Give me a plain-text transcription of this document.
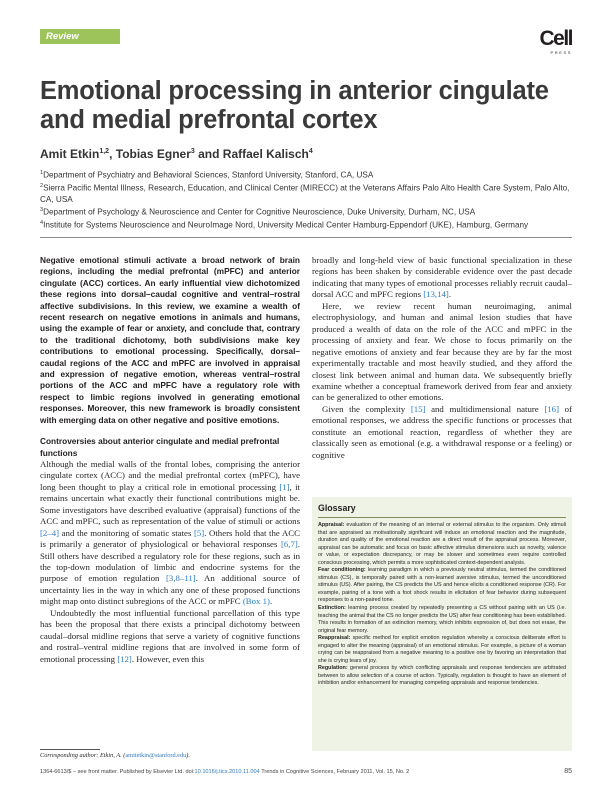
Review	Cell
PRESS
Emotional processing in anterior cingulate and medial prefrontal cortex
Amit Etkin$^{1,2}$, Tobias Egner$^3$ and Raffael Kalisch$^4$
$^1$Department of Psychiatry and Behavioral Sciences, Stanford University, Stanford, CA, USA
$^2$Sierra Pacific Mental Illness, Research, Education, and Clinical Center (MIRECC) at the Veterans Affairs Palo Alto Health Care System, Palo Alto, CA, USA
$^3$Department of Psychology & Neuroscience and Center for Cognitive Neuroscience, Duke University, Durham, NC, USA
$^4$Institute for Systems Neuroscience and NeuroImage Nord, University Medical Center Hamburg-Eppendorf (UKE), Hamburg, Germany

Negative emotional stimuli activate a broad network of brain regions, including the medial prefrontal (mPFC) and anterior cingulate (ACC) cortices. An early influential view dichotomized these regions into dorsal–caudal cognitive and ventral–rostral affective subdivisions. In this review, we examine a wealth of recent research on negative emotions in animals and humans, using the example of fear or anxiety, and conclude that, contrary to the traditional dichotomy, both subdivisions make key contributions to emotional processing. Specifically, dorsal–caudal regions of the ACC and mPFC are involved in appraisal and expression of negative emotion, whereas ventral–rostral portions of the ACC and mPFC have a regulatory role with respect to limbic regions involved in generating emotional responses. Moreover, this new framework is broadly consistent with emerging data on other negative and positive emotions.

Controversies about anterior cingulate and medial prefrontal functions

Although the medial walls of the frontal lobes, comprising the anterior cingulate cortex (ACC) and the medial prefrontal cortex (mPFC), have long been thought to play a critical role in emotional processing [1], it remains uncertain what exactly their functional contributions might be. Some investigators have described evaluative (appraisal) functions of the ACC and mPFC, such as representation of the value of stimuli or actions [2–4] and the monitoring of somatic states [5]. Others hold that the ACC is primarily a generator of physiological or behavioral responses [6,7]. Still others have described a regulatory role for these regions, such as in the top-down modulation of limbic and endocrine systems for the purpose of emotion regulation [3,8–11]. An additional source of uncertainty lies in the way in which any one of these proposed functions might map onto distinct subregions of the ACC or mPFC (Box 1).

Undoubtedly the most influential functional parcellation of this type has been the proposal that there exists a principal dichotomy between caudal–dorsal midline regions that serve a variety of cognitive functions and rostral–ventral midline regions that are involved in some form of emotional processing [12]. However, even this

broadly and long-held view of basic functional specialization in these regions has been shaken by considerable evidence over the past decade indicating that many types of emotional processes reliably recruit caudal–dorsal ACC and mPFC regions [13,14].

Here, we review recent human neuroimaging, animal electrophysiology, and human and animal lesion studies that have produced a wealth of data on the role of the ACC and mPFC in the processing of anxiety and fear. We chose to focus primarily on the negative emotions of anxiety and fear because they are by far the most experimentally tractable and most heavily studied, and they afford the closest link between animal and human data. We subsequently briefly examine whether a conceptual framework derived from fear and anxiety can be generalized to other emotions.

Given the complexity [15] and multidimensional nature [16] of emotional responses, we address the specific functions or processes that constitute an emotional reaction, regardless of whether they are classically seen as emotional (e.g. a withdrawal response or a feeling) or cognitive

Glossary

Appraisal: evaluation of the meaning of an internal or external stimulus to the organism. Only stimuli that are appraised as motivationally significant will induce an emotional reaction and the magnitude, duration and quality of the emotional reaction are a direct result of the appraisal process. Moreover, appraisal can be automatic and focus on basic affective stimulus dimensions such as novelty, valence or value, or expectation discrepancy, or may be slower and sometimes even require controlled conscious processing, which permits a more sophisticated context-dependent analysis.

Fear conditioning: learning paradigm in which a previously neutral stimulus, termed the conditioned stimulus (CS), is temporally paired with a non-learned aversive stimulus, termed the unconditioned stimulus (US). After pairing, the CS predicts the US and hence elicits a conditioned response (CR). For example, pairing of a tone with a foot shock results in elicitation of fear behavior during subsequent responses to a non-paired tone.

Extinction: learning process created by repeatedly presenting a CS without pairing with an US (i.e. teaching the animal that the CS no longer predicts the US) after fear conditioning has been established. This results in formation of an extinction memory, which inhibits expression of, but does not erase, the original fear memory.

Reappraisal: specific method for explicit emotion regulation whereby a conscious deliberate effort is engaged to alter the meaning (appraisal) of an emotional stimulus. For example, a picture of a woman crying can be reappraised from a negative meaning to a positive one by favoring an interpretation that she is crying tears of joy.

Regulation: general process by which conflicting appraisals and response tendencies are arbitrated between to allow selection of a course of action. Typically, regulation is thought to have an element of inhibition and/or enhancement for managing competing appraisals and response tendencies.

Corresponding author: Etkin, A. (amitetkin@stanford.edu).
1364-6613/$ – see front matter. Published by Elsevier Ltd. doi:10.1016/j.tics.2010.11.004 Trends in Cognitive Sciences, February 2011, Vol. 15, No. 2	85
